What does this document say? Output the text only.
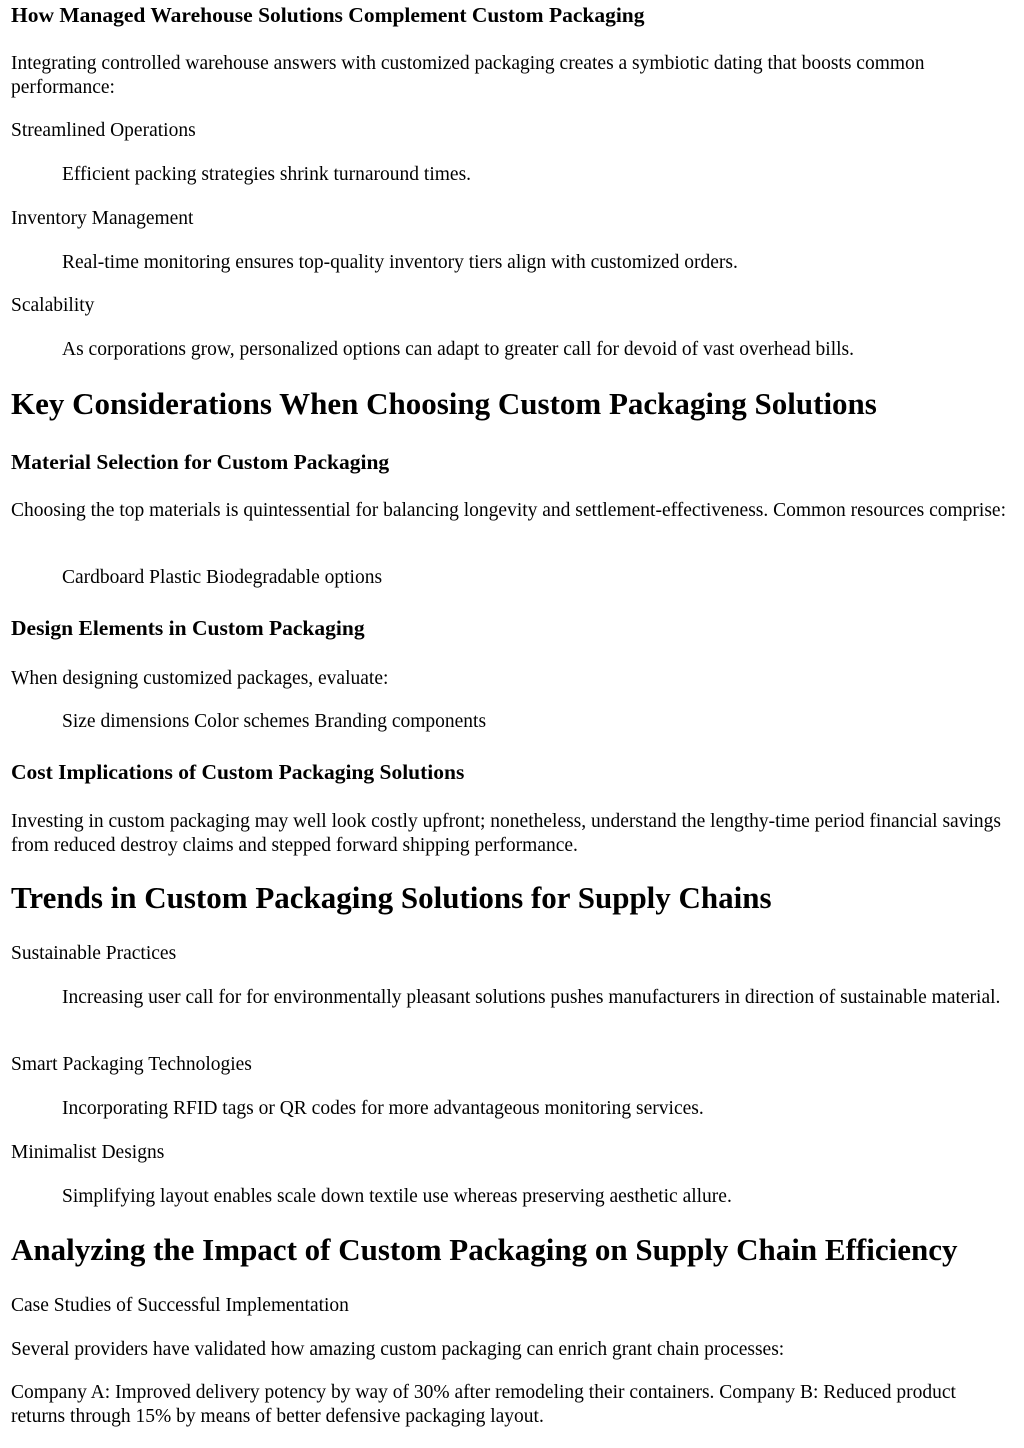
How Managed Warehouse Solutions Complement Custom Packaging

Integrating controlled warehouse answers with customized packaging creates a symbiotic dating that boosts common performance:

Streamlined Operations
Efficient packing strategies shrink turnaround times.
Inventory Management
Real-time monitoring ensures top-quality inventory tiers align with customized orders.
Scalability
As corporations grow, personalized options can adapt to greater call for devoid of vast overhead bills.
Key Considerations When Choosing Custom Packaging Solutions
Material Selection for Custom Packaging

Choosing the top materials is quintessential for balancing longevity and settlement-effectiveness. Common resources comprise:

Cardboard Plastic Biodegradable options
Design Elements in Custom Packaging

When designing customized packages, evaluate:

Size dimensions Color schemes Branding components
Cost Implications of Custom Packaging Solutions

Investing in custom packaging may well look costly upfront; nonetheless, understand the lengthy-time period financial savings from reduced destroy claims and stepped forward shipping performance.

Trends in Custom Packaging Solutions for Supply Chains
Sustainable Practices
Increasing user call for for environmentally pleasant solutions pushes manufacturers in direction of sustainable material.
Smart Packaging Technologies
Incorporating RFID tags or QR codes for more advantageous monitoring services.
Minimalist Designs
Simplifying layout enables scale down textile use whereas preserving aesthetic allure.
Analyzing the Impact of Custom Packaging on Supply Chain Efficiency
Case Studies of Successful Implementation

Several providers have validated how amazing custom packaging can enrich grant chain processes:

Company A: Improved delivery potency by way of 30% after remodeling their containers. Company B: Reduced product returns through 15% by means of better defensive packaging layout.
